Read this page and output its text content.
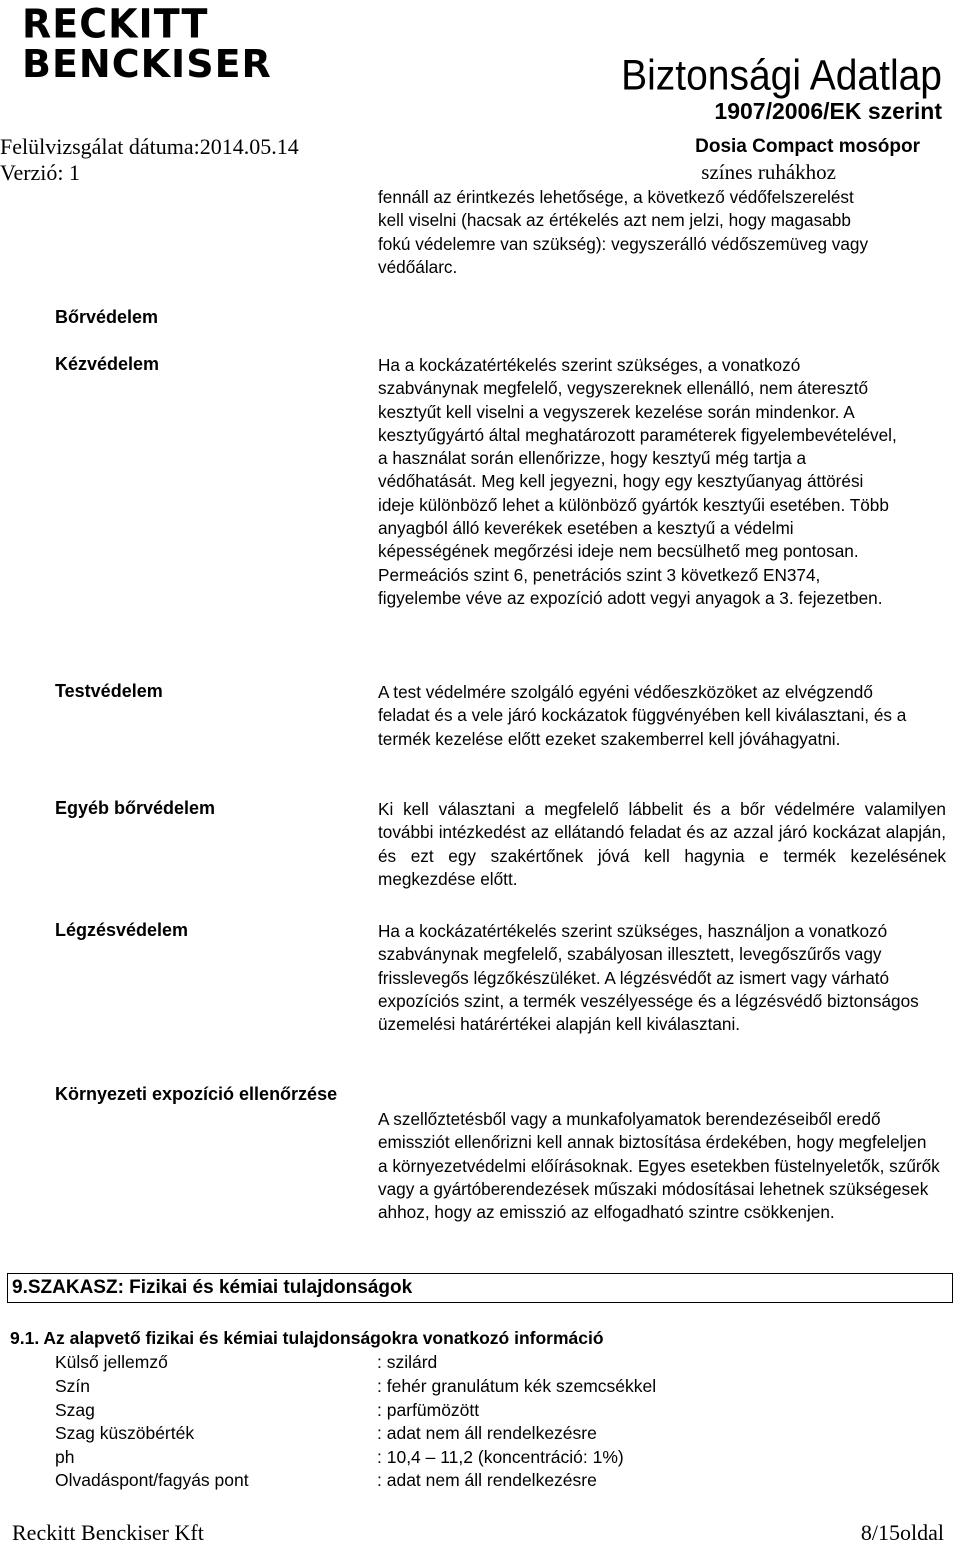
RECKITT
BENCKISER	Biztonsági Adatlap
1907/2006/EK szerint
Dosia Compact mosópor
színes ruhákhoz
Felülvizsgálat dátuma:2014.05.14
Verzió: 1
fennáll az érintkezés lehetősége, a következő védőfelszerelést kell viselni (hacsak az értékelés azt nem jelzi, hogy magasabb fokú védelemre van szükség): vegyszerálló védőszemüveg vagy védőálarc.
Bőrvédelem
Kézvédelem	Ha a kockázatértékelés szerint szükséges, a vonatkozó szabványnak megfelelő, vegyszereknek ellenálló, nem áteresztő kesztyűt kell viselni a vegyszerek kezelése során mindenkor. A kesztyűgyártó által meghatározott paraméterek figyelembevételével, a használat során ellenőrizze, hogy kesztyű még tartja a védőhatását. Meg kell jegyezni, hogy egy kesztyűanyag áttörési ideje különböző lehet a különböző gyártók kesztyűi esetében. Több anyagból álló keverékek esetében a kesztyű a védelmi képességének megőrzési ideje nem becsülhető meg pontosan. Permeációs szint 6, penetrációs szint 3 következő EN374, figyelembe véve az expozíció adott vegyi anyagok a 3. fejezetben.
Testvédelem	A test védelmére szolgáló egyéni védőeszközöket az elvégzendő feladat és a vele járó kockázatok függvényében kell kiválasztani, és a termék kezelése előtt ezeket szakemberrel kell jóváhagyatni.
Egyéb bőrvédelem	Ki kell választani a megfelelő lábbelit és a bőr védelmére valamilyen további intézkedést az ellátandó feladat és az azzal járó kockázat alapján, és ezt egy szakértőnek jóvá kell hagynia e termék kezelésének megkezdése előtt.
Légzésvédelem	Ha a kockázatértékelés szerint szükséges, használjon a vonatkozó szabványnak megfelelő, szabályosan illesztett, levegőszűrős vagy frisslevegős légzőkészüléket. A légzésvédőt az ismert vagy várható expozíciós szint, a termék veszélyessége és a légzésvédő biztonságos üzemelési határértékei alapján kell kiválasztani.
Környezeti expozíció ellenőrzése
A szellőztetésből vagy a munkafolyamatok berendezéseiből eredő emissziót ellenőrizni kell annak biztosítása érdekében, hogy megfeleljen a környezetvédelmi előírásoknak. Egyes esetekben füstelnyeletők, szűrők vagy a gyártóberendezések műszaki módosításai lehetnek szükségesek ahhoz, hogy az emisszió az elfogadható szintre csökkenjen.
9.SZAKASZ: Fizikai és kémiai tulajdonságok
9.1. Az alapvető fizikai és kémiai tulajdonságokra vonatkozó információ
Külső jellemző	: szilárd
Szín	: fehér granulátum kék szemcsékkel
Szag	: parfümözött
Szag küszöbérték	: adat nem áll rendelkezésre
ph	: 10,4 – 11,2 (koncentráció: 1%)
Olvadáspont/fagyás pont	: adat nem áll rendelkezésre
Reckitt Benckiser Kft	8/15oldal
